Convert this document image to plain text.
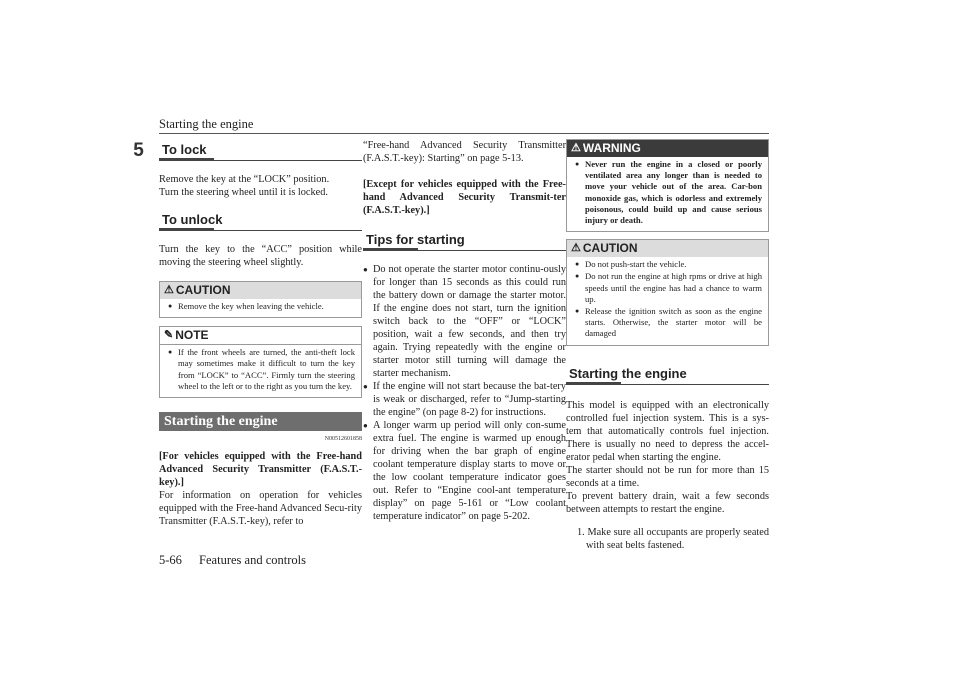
Starting the engine
5	To lock

Remove the key at the “LOCK” position.

Turn the steering wheel until it is locked.

To unlock

Turn the key to the “ACC” position while moving the steering wheel slightly.

⚠ CAUTION
● Remove the key when leaving the vehicle.
✎ NOTE
● If the front wheels are turned, the anti-theft lock may sometimes make it difficult to turn the key from “LOCK” to “ACC”. Firmly turn the steering wheel to the left or to the right as you turn the key.
Starting the engine
N00512601858

[For vehicles equipped with the Free-hand Advanced Security Transmitter (F.A.S.T.-key).]

For information on operation for vehicles equipped with the Free-hand Advanced Secu-rity Transmitter (F.A.S.T.-key), refer to

“Free-hand Advanced Security Transmitter (F.A.S.T.-key): Starting” on page 5-13.

[Except for vehicles equipped with the Free-hand Advanced Security Transmit-ter (F.A.S.T.-key).]

Tips for starting
● Do not operate the starter motor continu-ously for longer than 15 seconds as this could run the battery down or damage the starter motor. If the engine does not start, turn the ignition switch back to the “OFF” or “LOCK” position, wait a few seconds, and then try again. Trying repeatedly with the engine or starter motor still turning will damage the starter mechanism.
● If the engine will not start because the bat-tery is weak or discharged, refer to “Jump-starting the engine” (on page 8-2) for instructions.
● A longer warm up period will only con-sume extra fuel. The engine is warmed up enough for driving when the bar graph of engine coolant temperature display starts to move or the low coolant temperature indicator goes out. Refer to “Engine cool-ant temperature display” on page 5-161 or “Low coolant temperature indicator” on page 5-202.
⚠ WARNING
● Never run the engine in a closed or poorly ventilated area any longer than is needed to move your vehicle out of the area. Car-bon monoxide gas, which is odorless and extremely poisonous, could build up and cause serious injury or death.
⚠ CAUTION
● Do not push-start the vehicle.
● Do not run the engine at high rpms or drive at high speeds until the engine has had a chance to warm up.
● Release the ignition switch as soon as the engine starts. Otherwise, the starter motor will be damaged
Starting the engine

This model is equipped with an electronically controlled fuel injection system. This is a sys-tem that automatically controls fuel injection. There is usually no need to depress the accel-erator pedal when starting the engine.

The starter should not be run for more than 15 seconds at a time.

To prevent battery drain, wait a few seconds between attempts to restart the engine.

1. Make sure all occupants are properly seated with seat belts fastened.

5-66 Features and controls
